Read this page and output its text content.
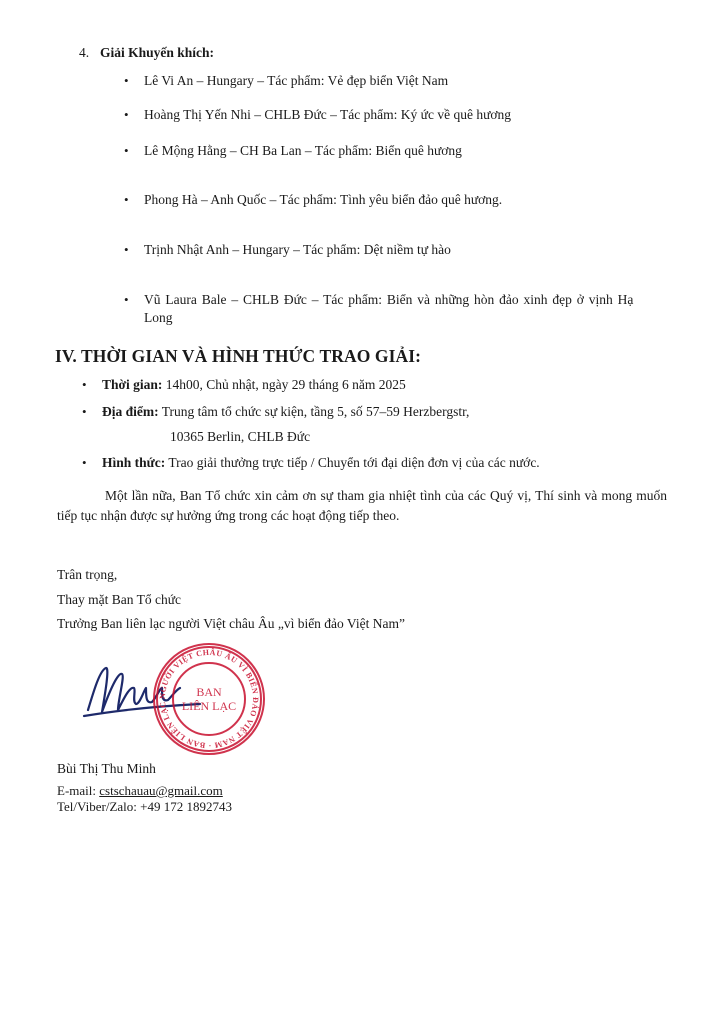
4. Giải Khuyến khích:
• Lê Vi An – Hungary – Tác phẩm: Vẻ đẹp biển Việt Nam
• Hoàng Thị Yến Nhi – CHLB Đức – Tác phẩm: Ký ức về quê hương
• Lê Mộng Hằng – CH Ba Lan – Tác phẩm: Biển quê hương
• Phong Hà – Anh Quốc – Tác phẩm: Tình yêu biển đảo quê hương.
• Trịnh Nhật Anh – Hungary – Tác phẩm: Dệt niềm tự hào
• Vũ Laura Bale – CHLB Đức – Tác phẩm: Biển và những hòn đảo xinh đẹp ở vịnh Hạ
Long
IV. THỜI GIAN VÀ HÌNH THỨC TRAO GIẢI:
• Thời gian: 14h00, Chủ nhật, ngày 29 tháng 6 năm 2025
• Địa điểm: Trung tâm tổ chức sự kiện, tầng 5, số 57–59 Herzbergstr,
10365 Berlin, CHLB Đức
• Hình thức: Trao giải thưởng trực tiếp / Chuyển tới đại diện đơn vị của các nước.

Một lần nữa, Ban Tổ chức xin cảm ơn sự tham gia nhiệt tình của các Quý vị, Thí sinh và mong muốn tiếp tục nhận được sự hưởng ứng trong các hoạt động tiếp theo.

Trân trọng,
Thay mặt Ban Tổ chức
Trưởng Ban liên lạc người Việt châu Âu „vì biển đảo Việt Nam”
NGƯỜI VIỆT CHÂU ÂU VÌ BIỂN ĐẢO VIỆT NAM · BAN LIÊN LẠC
BAN
LIÊN LẠC
Bùi Thị Thu Minh
E-mail: cstschauau@gmail.com
Tel/Viber/Zalo: +49 172 1892743
